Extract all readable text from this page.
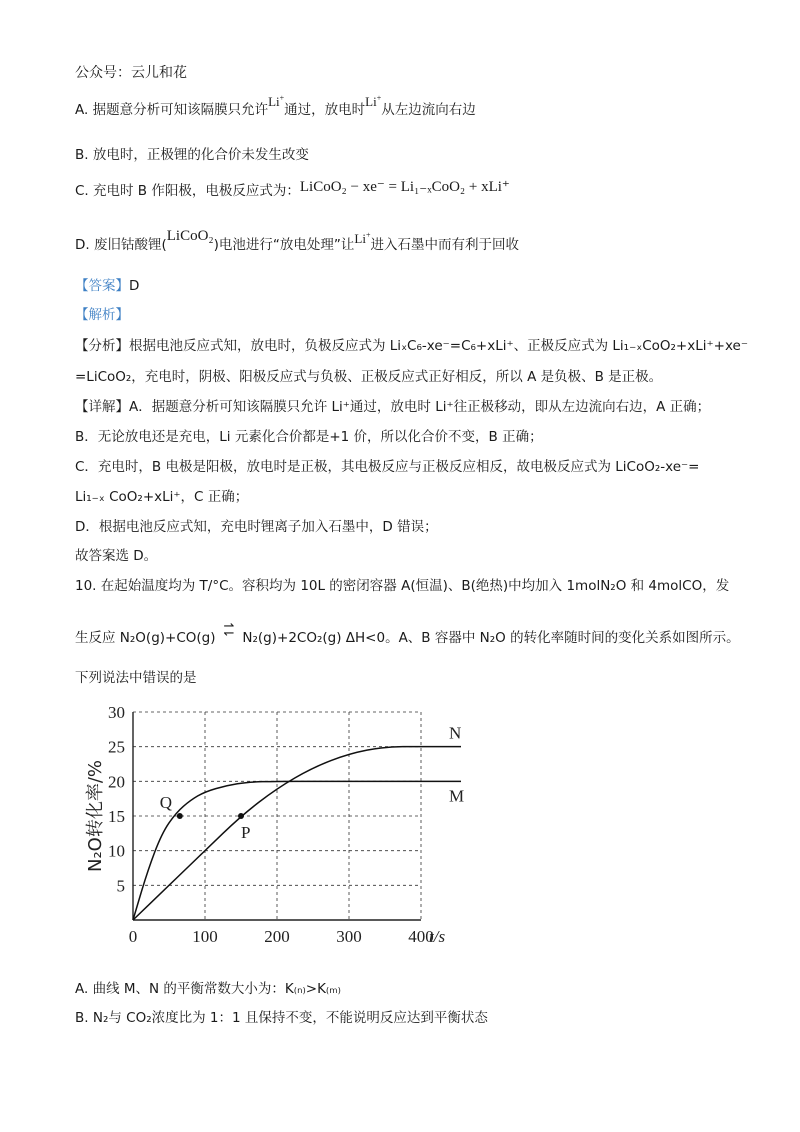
公众号：云儿和花
A. 据题意分析可知该隔膜只允许Li+通过，放电时Li+从左边流向右边
B. 放电时，正极锂的化合价未发生改变
C. 充电时 B 作阳极，电极反应式为：LiCoO₂ − xe⁻ = Li₁₋ₓCoO₂ + xLi⁺
D. 废旧钴酸锂(LiCoO₂)电池进行“放电处理”让Li+进入石墨中而有利于回收
【答案】D
【解析】
【分析】根据电池反应式知，放电时，负极反应式为 LiₓC₆-xe⁻=C₆+xLi⁺、正极反应式为 Li₁₋ₓCoO₂+xLi⁺+xe⁻
=LiCoO₂，充电时，阴极、阳极反应式与负极、正极反应式正好相反，所以 A 是负极、B 是正极。
【详解】A．据题意分析可知该隔膜只允许 Li⁺通过，放电时 Li⁺往正极移动，即从左边流向右边，A 正确；
B．无论放电还是充电，Li 元素化合价都是+1 价，所以化合价不变，B 正确；
C．充电时，B 电极是阳极，放电时是正极，其电极反应与正极反应相反，故电极反应式为 LiCoO₂-xe⁻=
Li₁₋ₓ CoO₂+xLi⁺，C 正确；
D．根据电池反应式知，充电时锂离子加入石墨中，D 错误；
故答案选 D。
10. 在起始温度均为 T/°C。容积均为 10L 的密闭容器 A(恒温)、B(绝热)中均加入 1molN₂O 和 4molCO，发
生反应 N₂O(g)+CO(g)⇀
↽ N₂(g)+2CO₂(g) ΔH<0。A、B 容器中 N₂O 的转化率随时间的变化关系如图所示。
下列说法中错误的是
5
10
15
20
25
30
0	100	200	300	400
t/s
N₂O转化率/%	M
N
Q
P
A. 曲线 M、N 的平衡常数大小为：K₍ₙ₎>K₍ₘ₎
B. N₂与 CO₂浓度比为 1：1 且保持不变，不能说明反应达到平衡状态
